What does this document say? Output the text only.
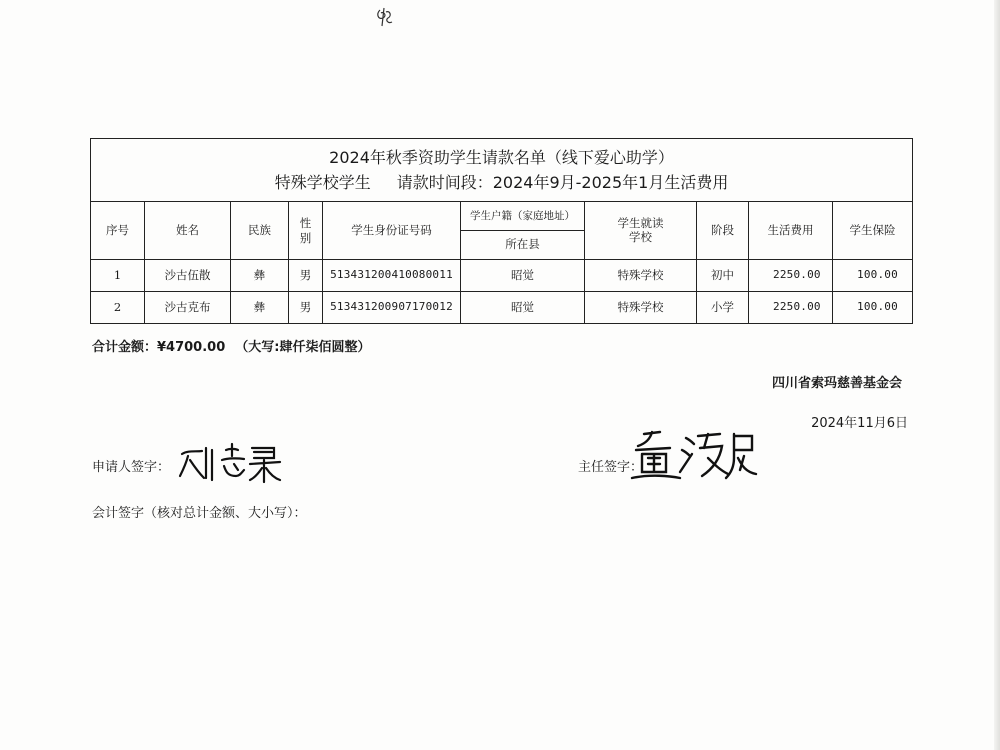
2024年秋季资助学生请款名单（线下爱心助学）
特殊学校学生 请款时间段：2024年9月-2025年1月生活费用									

序号	姓名	民族	性别	学生身份证号码	学生户籍（家庭地址）	学生就读学校	阶段	生活费用	学生保险
					所在县				
1	沙古伍散	彝	男	513431200410080011	昭觉	特殊学校	初中	2250.00	100.00
2	沙古克布	彝	男	513431200907170012	昭觉	特殊学校	小学	2250.00	100.00
合计金额：¥4700.00 （大写:肆仟柒佰圆整）
四川省索玛慈善基金会
2024年11月6日
申请人签字：	主任签字：
会计签字（核对总计金额、大小写）：
